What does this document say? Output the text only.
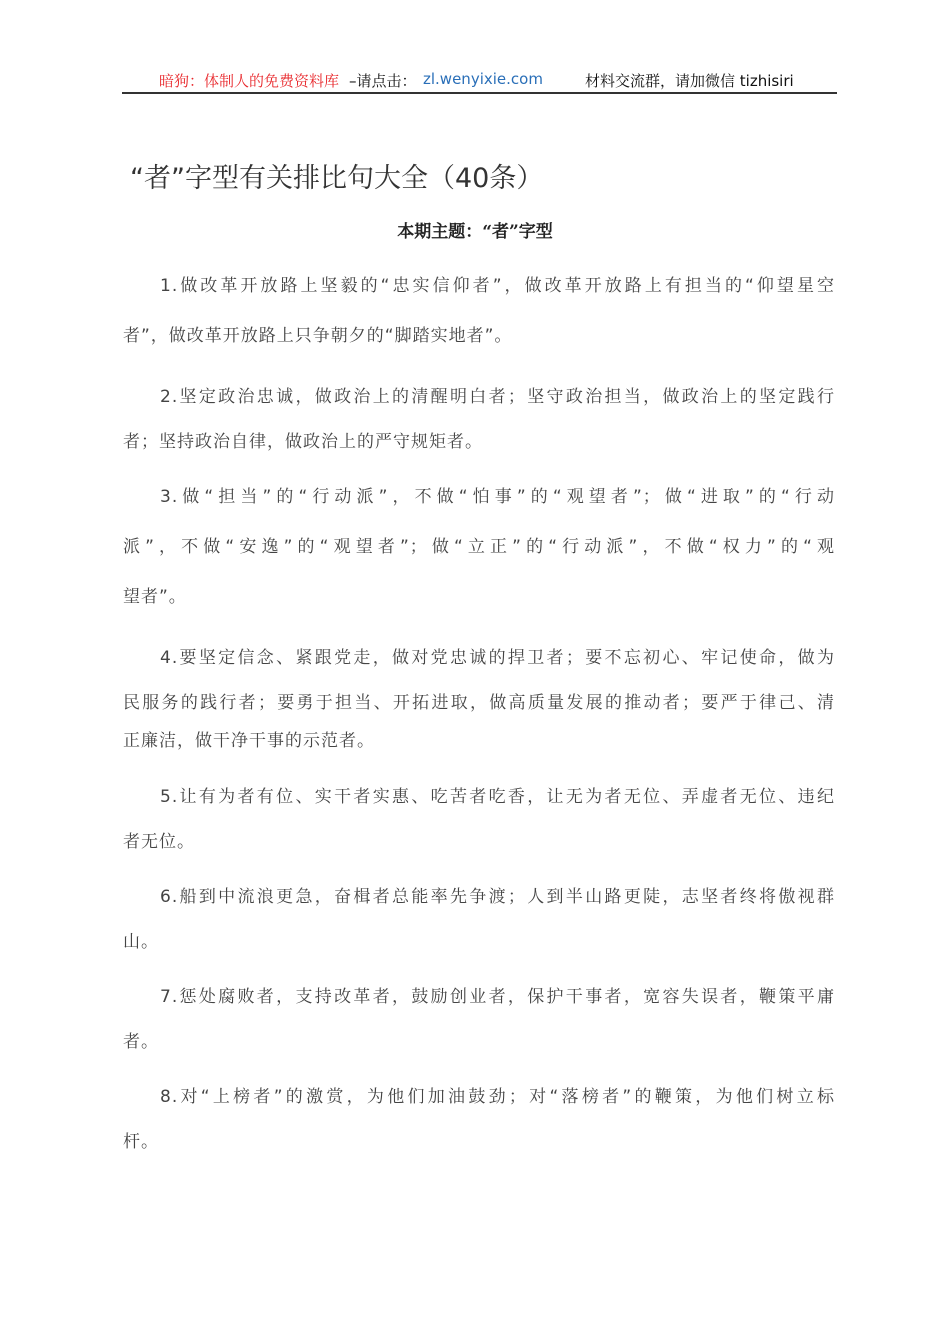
暗狗：体制人的免费资料库 –请点击： zl.wenyixie.com	材料交流群，请加微信 tizhisiri
“者”字型有关排比句大全（40条）
本期主题：“者”字型
1.做改革开放路上坚毅的“忠实信仰者”，做改革开放路上有担当的“仰望星空
者”，做改革开放路上只争朝夕的“脚踏实地者”。
2.坚定政治忠诚，做政治上的清醒明白者；坚守政治担当，做政治上的坚定践行
者；坚持政治自律，做政治上的严守规矩者。
3.做“担当”的“行动派”，不做“怕事”的“观望者”；做“进取”的“行动
派”，不做“安逸”的“观望者”；做“立正”的“行动派”，不做“权力”的“观
望者”。
4.要坚定信念、紧跟党走，做对党忠诚的捍卫者；要不忘初心、牢记使命，做为
民服务的践行者；要勇于担当、开拓进取，做高质量发展的推动者；要严于律己、清
正廉洁，做干净干事的示范者。
5.让有为者有位、实干者实惠、吃苦者吃香，让无为者无位、弄虚者无位、违纪
者无位。
6.船到中流浪更急，奋楫者总能率先争渡；人到半山路更陡，志坚者终将傲视群
山。
7.惩处腐败者，支持改革者，鼓励创业者，保护干事者，宽容失误者，鞭策平庸
者。
8.对“上榜者”的激赏，为他们加油鼓劲；对“落榜者”的鞭策，为他们树立标
杆。
